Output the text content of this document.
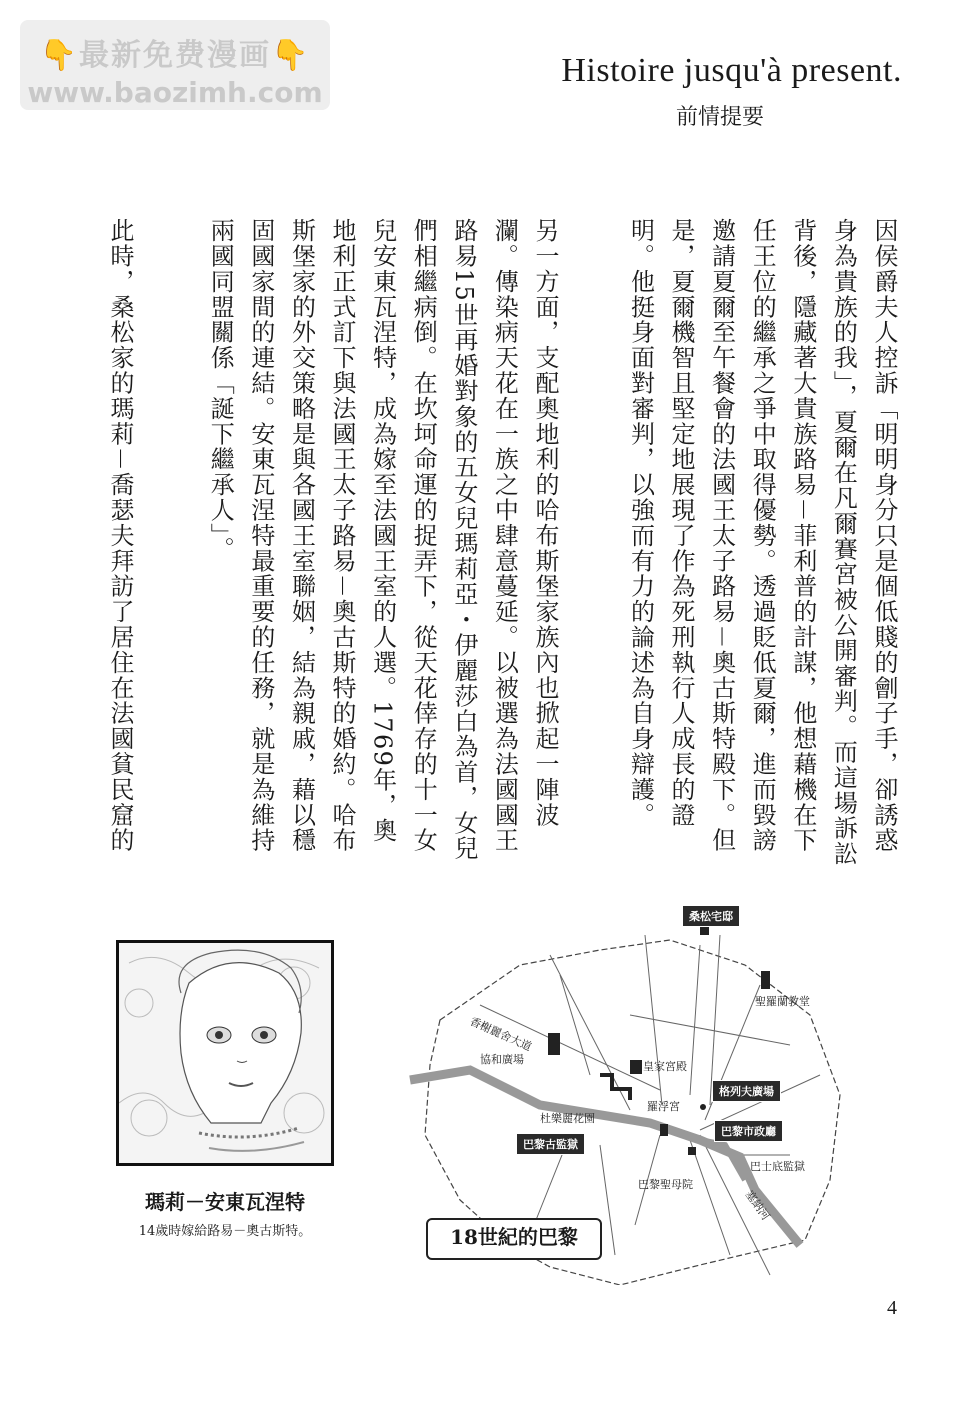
👇最新免费漫画👇
www.baozimh.com
Histoire jusqu'à present.
前情提要
因侯爵夫人控訴「明明身分只是個低賤的劊子手，卻誘惑身為貴族的我」，夏爾在凡爾賽宮被公開審判。而這場訴訟背後，隱藏著大貴族路易－菲利普的計謀，他想藉機在下任王位的繼承之爭中取得優勢。透過貶低夏爾，進而毀謗邀請夏爾至午餐會的法國王太子路易－奧古斯特殿下。但是，夏爾機智且堅定地展現了作為死刑執行人成長的證明。他挺身面對審判，以強而有力的論述為自身辯護。
另一方面，支配奧地利的哈布斯堡家族內也掀起一陣波瀾。傳染病天花在一族之中肆意蔓延。以被選為法國國王路易15世再婚對象的五女兒瑪莉亞・伊麗莎白為首，女兒們相繼病倒。在坎坷命運的捉弄下，從天花倖存的十一女兒安東瓦涅特，成為嫁至法國王室的人選。1769年，奧地利正式訂下與法國王太子路易－奧古斯特的婚約。哈布斯堡家的外交策略是與各國王室聯姻，結為親戚，藉以穩固國家間的連結。安東瓦涅特最重要的任務，就是為維持兩國同盟關係「誕下繼承人」。
此時，桑松家的瑪莉－喬瑟夫拜訪了居住在法國貧民窟的
瑪莉－安東瓦涅特
14歲時嫁給路易－奧古斯特。
桑松宅邸
聖羅蘭教堂
香榭麗舍大道
協和廣場
皇家宮殿
格列夫廣場
羅浮宮
杜樂麗花園
巴黎市政廳
巴黎古監獄
巴士底監獄
巴黎聖母院
塞納河
18世紀的巴黎
4
